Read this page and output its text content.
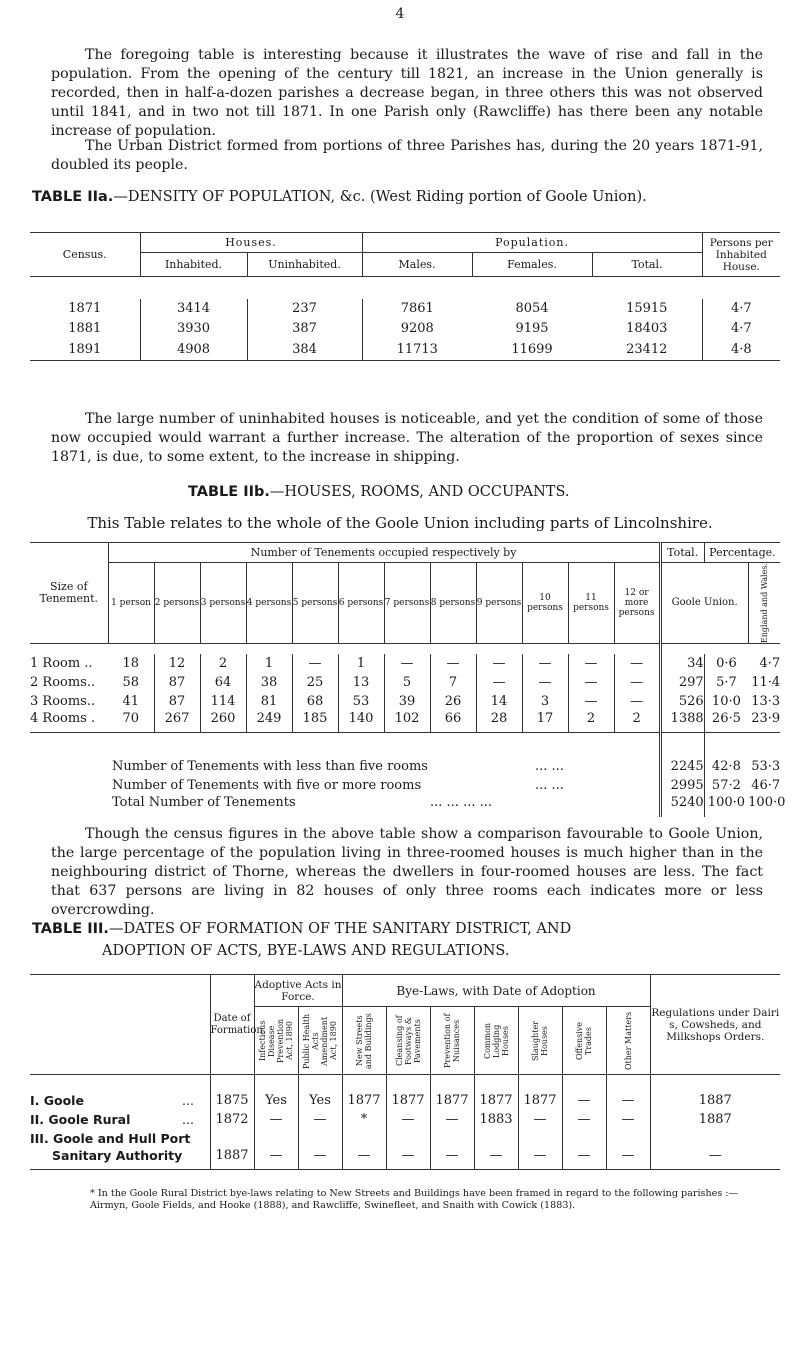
4

The foregoing table is interesting because it illustrates the wave of rise and fall in the population. From the opening of the century till 1821, an increase in the Union generally is recorded, then in half-a-dozen parishes a decrease began, in three others this was not observed until 1841, and in two not till 1871. In one Parish only (Rawcliffe) has there been any notable increase of population.

The Urban District formed from portions of three Parishes has, during the 20 years 1871-91, doubled its people.

TABLE IIa.—DENSITY OF POPULATION, &c. (West Riding portion of Goole Union).
Census.	Houses.		Population.			Persons per Inhabited House.
	Inhabited.	Uninhabited.	Males.	Females.	Total.	

1871	3414	237	7861	8054	15915	4·7
1881	3930	387	9208	9195	18403	4·7
1891	4908	384	11713	11699	23412	4·8

The large number of uninhabited houses is noticeable, and yet the condition of some of those now occupied would warrant a further increase. The alteration of the proportion of sexes since 1871, is due, to some extent, to the increase in shipping.

TABLE IIb.—HOUSES, ROOMS, AND OCCUPANTS.
This Table relates to the whole of the Goole Union including parts of Lincolnshire.
Size of Tenement.	Number of Tenements occupied respectively by												Total.	Percentage.	
	1 person	2 persons	3 persons	4 persons	5 persons	6 persons	7 persons	8 persons	9 persons	10 persons	11 persons	12 or more persons	Goole Union.		England and Wales.

1 Room ..	18	12	2	1	—	1	—	—	—	—	—	—	34	0·6	4·7
2 Rooms..	58	87	64	38	25	13	5	7	—	—	—	—	297	5·7	11·4
3 Rooms..	41	87	114	81	68	53	39	26	14	3	—	—	526	10·0	13·3
4 Rooms .	70	267	260	249	185	140	102	66	28	17	2	2	1388	26·5	23·9

Number of Tenements with less than five rooms ... ...													2245	42·8	53·3
Number of Tenements with five or more rooms ... ...													2995	57·2	46·7
Total Number of Tenements ... ... ... ...													5240	100·0	100·0

Though the census figures in the above table show a comparison favourable to Goole Union, the large percentage of the population living in three-roomed houses is much higher than in the neighbouring district of Thorne, whereas the dwellers in four-roomed houses are less. The fact that 637 persons are living in 82 houses of only three rooms each indicates more or less overcrowding.

TABLE III.—DATES OF FORMATION OF THE SANITARY DISTRICT, AND
ADOPTION OF ACTS, BYE-LAWS AND REGULATIONS.
	Date of Formation.	Adoptive Acts in Force.		Bye-Laws, with Date of Adoption							Regulations under Dairi s, Cowsheds, and Milkshops Orders.

		Infectious Disease Prevention Act, 1890	Public Health Acts Amendment Act, 1890	New Streets and Buildings	Cleansing of Footways & Pavements	Prevention of Nuisances	Common Lodging Houses	Slaughter Houses	Offensive Trades	Other Matters	

I. Goole ...	1875	Yes	Yes	1877	1877	1877	1877	1877	—	—	1887
II. Goole Rural ...	1872	—	—	*	—	—	1883	—	—	—	1887
III. Goole and Hull Port											
Sanitary Authority	1887	—	—	—	—	—	—	—	—	—	—
* In the Goole Rural District bye-laws relating to New Streets and Buildings have been framed in regard to the following parishes :—Airmyn, Goole Fields, and Hooke (1888), and Rawcliffe, Swinefleet, and Snaith with Cowick (1883).
